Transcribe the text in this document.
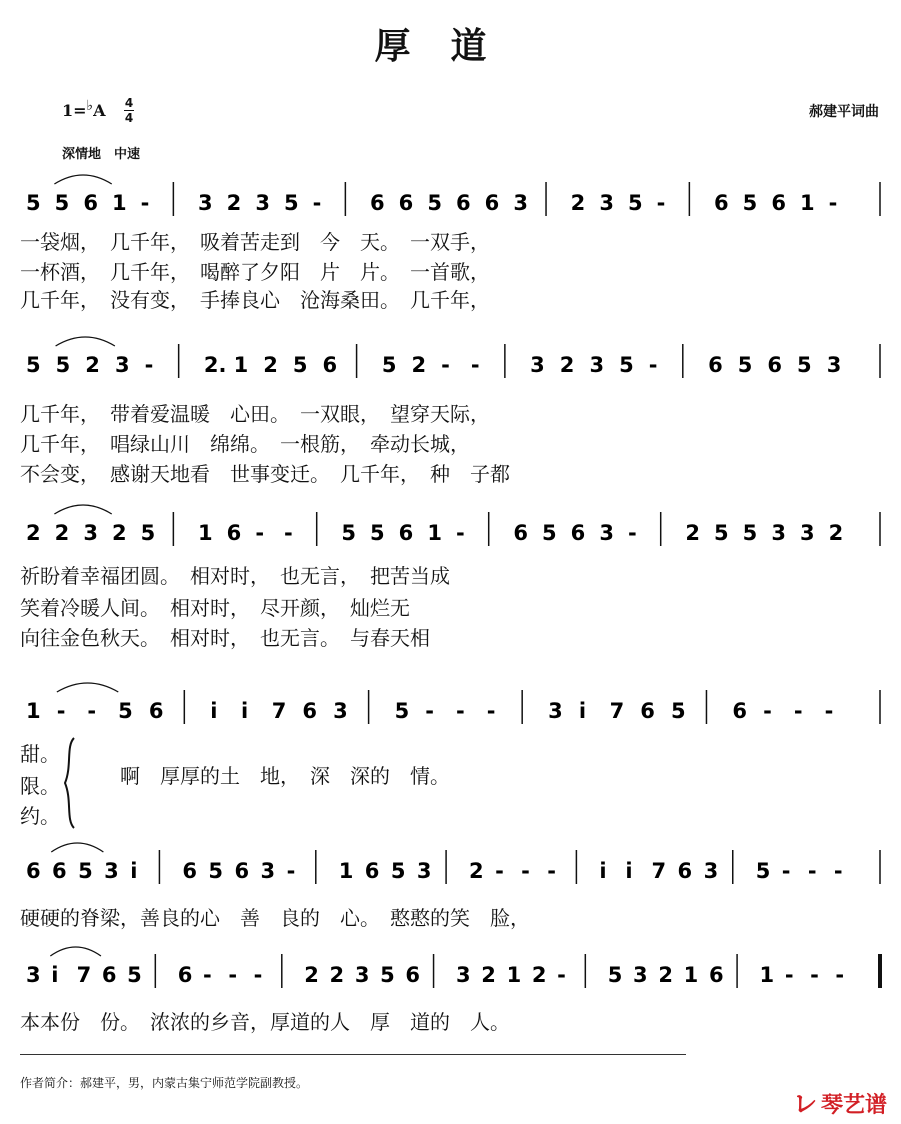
厚道
1=♭A 4
4	郝建平词曲
深情地　中速
5 5 6 1 - 3 2 3 5 - 6 6 5 6 6 3 2 3 5 - 6 5 6 1 -
5 5 2 3 - 2. 1 2 5 6 5 2 - - 3 2 3 5 - 6 5 6 5 3
2 2 3 2 5 1 6 - - 5 5 6 1 - 6 5 6 3 - 2 5 5 3 3 2
1 - - 5 6 i i 7 6 3 5 - - -	3 i 7 6 5 6 - - -
6 6 5 3 i 6 5 6 3 - 1 6 5 3 2 - - - i i 7 6 3 5 - - -
3 i 7 6 5 6 - - - 2 2 3 5 6 3 2 1 2 - 5 3 2 1 6 1 - - -
一袋烟，　几千年，　吸着苦走到　今　天。　一双手，
一杯酒，　几千年，　喝醉了夕阳　片　片。　一首歌，
几千年，　没有变，　手捧良心　沧海桑田。　几千年，
几千年，　带着爱温暖　心田。　一双眼，　望穿天际，
几千年，　唱绿山川　绵绵。　一根筋，　牵动长城，
不会变，　感谢天地看　世事变迁。　几千年，　种　子都
祈盼着幸福团圆。　相对时，　也无言，　把苦当成
笑着冷暖人间。　相对时，　尽开颜，　灿烂无
向往金色秋天。　相对时，　也无言。　与春天相
甜。
限。
约。
啊　厚厚的土　地，　深　深的　情。
硬硬的脊梁，善良的心　善　良的　心。　憨憨的笑　脸，
本本份　份。　浓浓的乡音，厚道的人　厚　道的　人。
作者简介：郝建平，男，内蒙古集宁师范学院副教授。
㆑ 琴艺谱
